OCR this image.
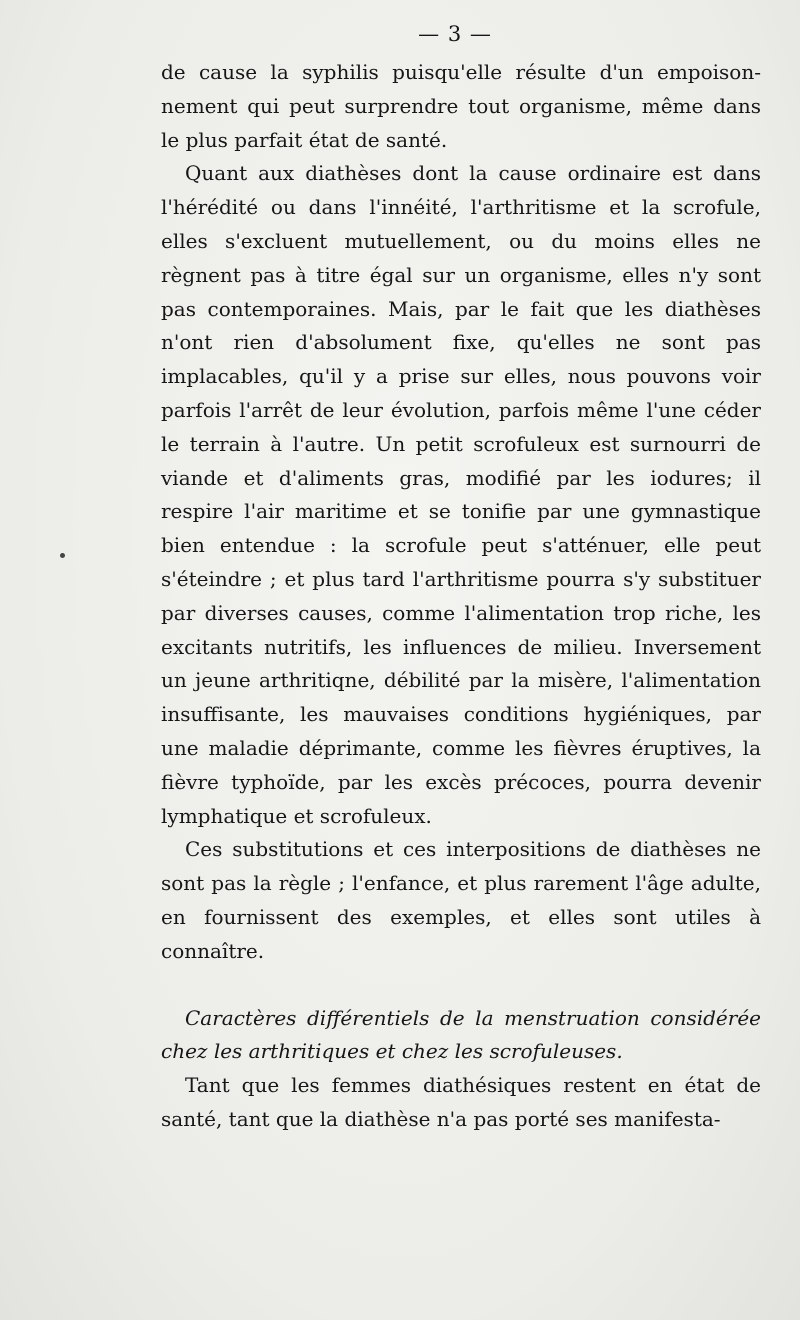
— 3 —

de cause la syphilis puisqu'elle résulte d'un empoison-nement qui peut surprendre tout organisme, même dans le plus parfait état de santé.

Quant aux diathèses dont la cause ordinaire est dans l'hérédité ou dans l'innéité, l'arthritisme et la scrofule, elles s'excluent mutuellement, ou du moins elles ne règnent pas à titre égal sur un organisme, elles n'y sont pas contemporaines. Mais, par le fait que les diathèses n'ont rien d'absolument fixe, qu'elles ne sont pas implacables, qu'il y a prise sur elles, nous pouvons voir parfois l'arrêt de leur évolution, parfois même l'une céder le terrain à l'autre. Un petit scrofuleux est surnourri de viande et d'aliments gras, modifié par les iodures; il respire l'air maritime et se tonifie par une gymnastique bien entendue : la scrofule peut s'atténuer, elle peut s'éteindre ; et plus tard l'arthritisme pourra s'y substituer par diverses causes, comme l'alimentation trop riche, les excitants nutritifs, les influences de milieu. Inversement un jeune arthritiqne, débilité par la misère, l'alimentation insuffisante, les mauvaises conditions hygiéniques, par une maladie déprimante, comme les fièvres éruptives, la fièvre typhoïde, par les excès précoces, pourra devenir lymphatique et scrofuleux.

Ces substitutions et ces interpositions de diathèses ne sont pas la règle ; l'enfance, et plus rarement l'âge adulte, en fournissent des exemples, et elles sont utiles à connaître.

Caractères différentiels de la menstruation considérée chez les arthritiques et chez les scrofuleuses.

Tant que les femmes diathésiques restent en état de santé, tant que la diathèse n'a pas porté ses manifesta-
